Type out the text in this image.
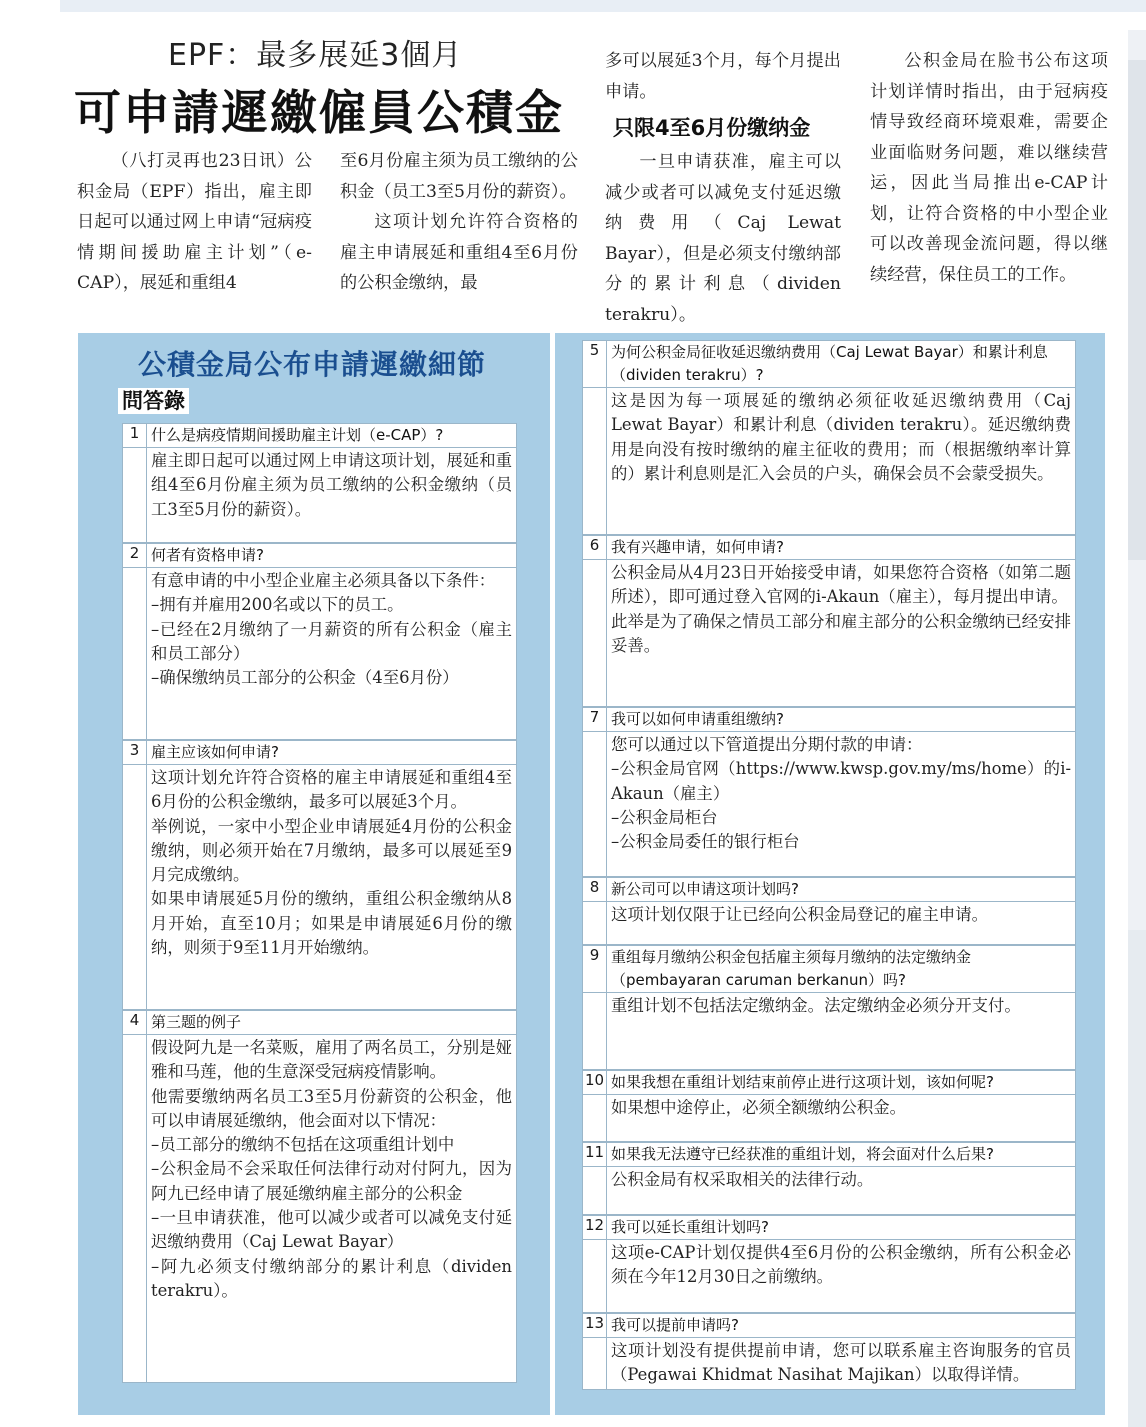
EPF：最多展延3個月
可申請遲繳僱員公積金

（八打灵再也23日讯）公积金局（EPF）指出，雇主即日起可以通过网上申请“冠病疫情期间援助雇主计划”（e-CAP），展延和重组4

至6月份雇主须为员工缴纳的公积金（员工3至5月份的薪资）。

这项计划允许符合资格的雇主申请展延和重组4至6月份的公积金缴纳，最

多可以展延3个月，每个月提出申请。

只限4至6月份缴纳金

一旦申请获准，雇主可以减少或者可以减免支付延迟缴纳费用（Caj Lewat Bayar），但是必须支付缴纳部分的累计利息（dividen terakru）。

公积金局在脸书公布这项计划详情时指出，由于冠病疫情导致经商环境艰难，需要企业面临财务问题，难以继续营运，因此当局推出e-CAP计划，让符合资格的中小型企业可以改善现金流问题，得以继续经营，保住员工的工作。

公積金局公布申請遲繳細節
問答錄
1 什么是病疫情期间援助雇主计划（e-CAP）?

雇主即日起可以通过网上申请这项计划，展延和重组4至6月份雇主须为员工缴纳的公积金缴纳（员工3至5月份的薪资）。

2 何者有资格申请?

有意申请的中小型企业雇主必须具备以下条件：

–拥有并雇用200名或以下的员工。

–已经在2月缴纳了一月薪资的所有公积金（雇主和员工部分）

–确保缴纳员工部分的公积金（4至6月份）

3 雇主应该如何申请?

这项计划允许符合资格的雇主申请展延和重组4至6月份的公积金缴纳，最多可以展延3个月。

举例说，一家中小型企业申请展延4月份的公积金缴纳，则必须开始在7月缴纳，最多可以展延至9月完成缴纳。

如果申请展延5月份的缴纳，重组公积金缴纳从8月开始，直至10月；如果是申请展延6月份的缴纳，则须于9至11月开始缴纳。

4 第三题的例子

假设阿九是一名菜贩，雇用了两名员工，分别是娅雅和马莲，他的生意深受冠病疫情影响。

他需要缴纳两名员工3至5月份薪资的公积金，他可以申请展延缴纳，他会面对以下情况：

–员工部分的缴纳不包括在这项重组计划中

–公积金局不会采取任何法律行动对付阿九，因为阿九已经申请了展延缴纳雇主部分的公积金

–一旦申请获准，他可以减少或者可以减免支付延迟缴纳费用（Caj Lewat Bayar）

–阿九必须支付缴纳部分的累计利息（dividen terakru）。

5 为何公积金局征收延迟缴纳费用（Caj Lewat Bayar）和累计利息（dividen terakru）?

这是因为每一项展延的缴纳必须征收延迟缴纳费用（Caj Lewat Bayar）和累计利息（dividen terakru）。延迟缴纳费用是向没有按时缴纳的雇主征收的费用；而（根据缴纳率计算的）累计利息则是汇入会员的户头，确保会员不会蒙受损失。

6 我有兴趣申请，如何申请?

公积金局从4月23日开始接受申请，如果您符合资格（如第二题所述），即可通过登入官网的i-Akaun（雇主），每月提出申请。

此举是为了确保之情员工部分和雇主部分的公积金缴纳已经安排妥善。

7 我可以如何申请重组缴纳?

您可以通过以下管道提出分期付款的申请：

–公积金局官网（https://www.kwsp.gov.my/ms/home）的i-Akaun（雇主）

–公积金局柜台

–公积金局委任的银行柜台

8 新公司可以申请这项计划吗?

这项计划仅限于让已经向公积金局登记的雇主申请。

9 重组每月缴纳公积金包括雇主须每月缴纳的法定缴纳金（pembayaran caruman berkanun）吗?

重组计划不包括法定缴纳金。法定缴纳金必须分开支付。

10 如果我想在重组计划结束前停止进行这项计划，该如何呢?

如果想中途停止，必须全额缴纳公积金。

11 如果我无法遵守已经获准的重组计划，将会面对什么后果?

公积金局有权采取相关的法律行动。

12 我可以延长重组计划吗?

这项e-CAP计划仅提供4至6月份的公积金缴纳，所有公积金必须在今年12月30日之前缴纳。

13 我可以提前申请吗?

这项计划没有提供提前申请，您可以联系雇主咨询服务的官员（Pegawai Khidmat Nasihat Majikan）以取得详情。
